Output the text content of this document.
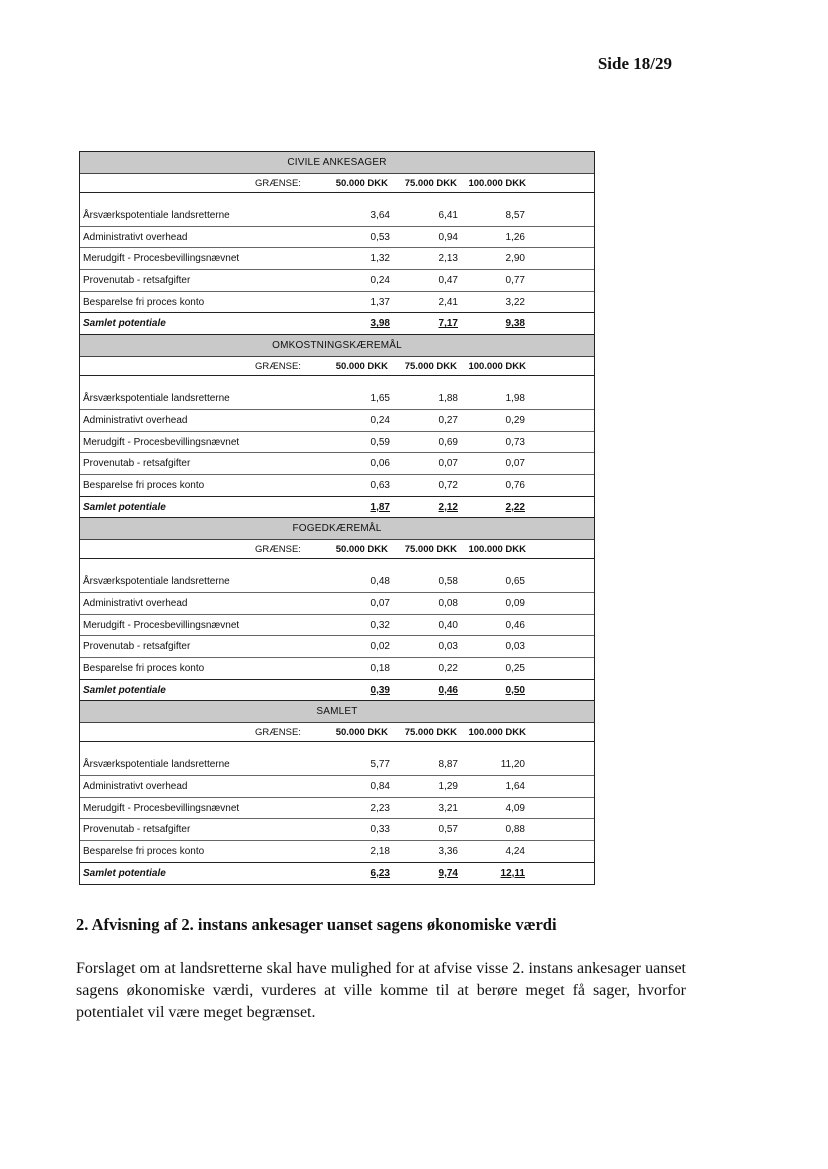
Side 18/29
CIVILE ANKESAGER
GRÆNSE:	50.000 DKK 75.000 DKK 100.000 DKK
Årsværkspotentiale landsretterne	3,64	6,41	8,57
Administrativt overhead	0,53	0,94	1,26
Merudgift - Procesbevillingsnævnet	1,32	2,13	2,90
Provenutab - retsafgifter	0,24	0,47	0,77
Besparelse fri proces konto	1,37	2,41	3,22
Samlet potentiale	3,98	7,17	9,38
OMKOSTNINGSKÆREMÅL
GRÆNSE:	50.000 DKK 75.000 DKK 100.000 DKK
Årsværkspotentiale landsretterne	1,65	1,88	1,98
Administrativt overhead	0,24	0,27	0,29
Merudgift - Procesbevillingsnævnet	0,59	0,69	0,73
Provenutab - retsafgifter	0,06	0,07	0,07
Besparelse fri proces konto	0,63	0,72	0,76
Samlet potentiale	1,87	2,12	2,22
FOGEDKÆREMÅL
GRÆNSE:	50.000 DKK 75.000 DKK 100.000 DKK
Årsværkspotentiale landsretterne	0,48	0,58	0,65
Administrativt overhead	0,07	0,08	0,09
Merudgift - Procesbevillingsnævnet	0,32	0,40	0,46
Provenutab - retsafgifter	0,02	0,03	0,03
Besparelse fri proces konto	0,18	0,22	0,25
Samlet potentiale	0,39	0,46	0,50
SAMLET
GRÆNSE:	50.000 DKK 75.000 DKK 100.000 DKK
Årsværkspotentiale landsretterne	5,77	8,87	11,20
Administrativt overhead	0,84	1,29	1,64
Merudgift - Procesbevillingsnævnet	2,23	3,21	4,09
Provenutab - retsafgifter	0,33	0,57	0,88
Besparelse fri proces konto	2,18	3,36	4,24
Samlet potentiale	6,23	9,74	12,11
2. Afvisning af 2. instans ankesager uanset sagens økonomiske værdi
Forslaget om at landsretterne skal have mulighed for at afvise visse 2. instans ankesager uanset sagens økonomiske værdi, vurderes at ville komme til at berøre meget få sager, hvorfor potentialet vil være meget begrænset.
